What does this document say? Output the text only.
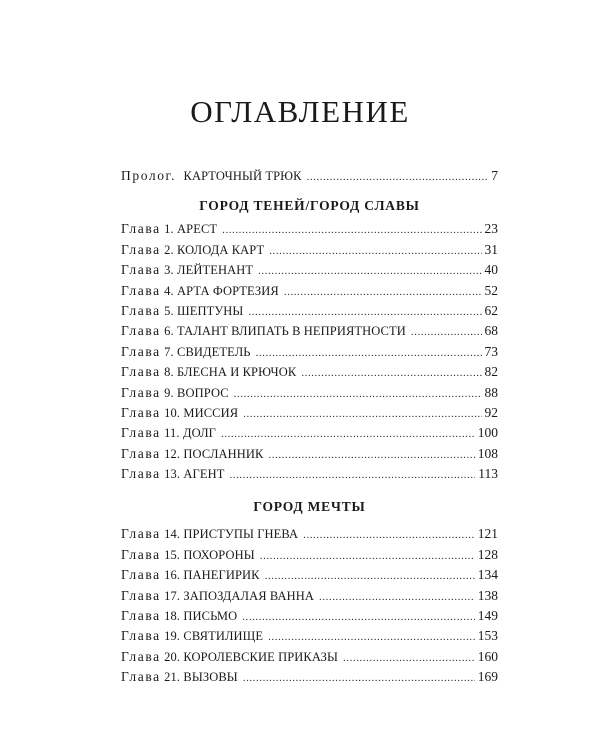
ОГЛАВЛЕНИЕ
Пролог. КАРТОЧНЫЙ ТРЮК . . .	7
ГОРОД ТЕНЕЙ/ГОРОД СЛАВЫ
Глава 1. АРЕСТ . . .	23
Глава 2. КОЛОДА КАРТ . . .	31
Глава 3. ЛЕЙТЕНАНТ . . .	40
Глава 4. АРТА ФОРТЕЗИЯ . . .	52
Глава 5. ШЕПТУНЫ . . .	62
Глава 6. ТАЛАНТ ВЛИПАТЬ В НЕПРИЯТНОСТИ . . .	68
Глава 7. СВИДЕТЕЛЬ . . .	73
Глава 8. БЛЕСНА И КРЮЧОК . . .	82
Глава 9. ВОПРОС . . .	88
Глава 10. МИССИЯ . . .	92
Глава 11. ДОЛГ . . .	100
Глава 12. ПОСЛАННИК . . .	108
Глава 13. АГЕНТ . . .	113
ГОРОД МЕЧТЫ
Глава 14. ПРИСТУПЫ ГНЕВА . . .	121
Глава 15. ПОХОРОНЫ . . .	128
Глава 16. ПАНЕГИРИК . . .	134
Глава 17. ЗАПОЗДАЛАЯ ВАННА . . .	138
Глава 18. ПИСЬМО . . .	149
Глава 19. СВЯТИЛИЩЕ . . .	153
Глава 20. КОРОЛЕВСКИЕ ПРИКАЗЫ . . .	160
Глава 21. ВЫЗОВЫ . . .	169
